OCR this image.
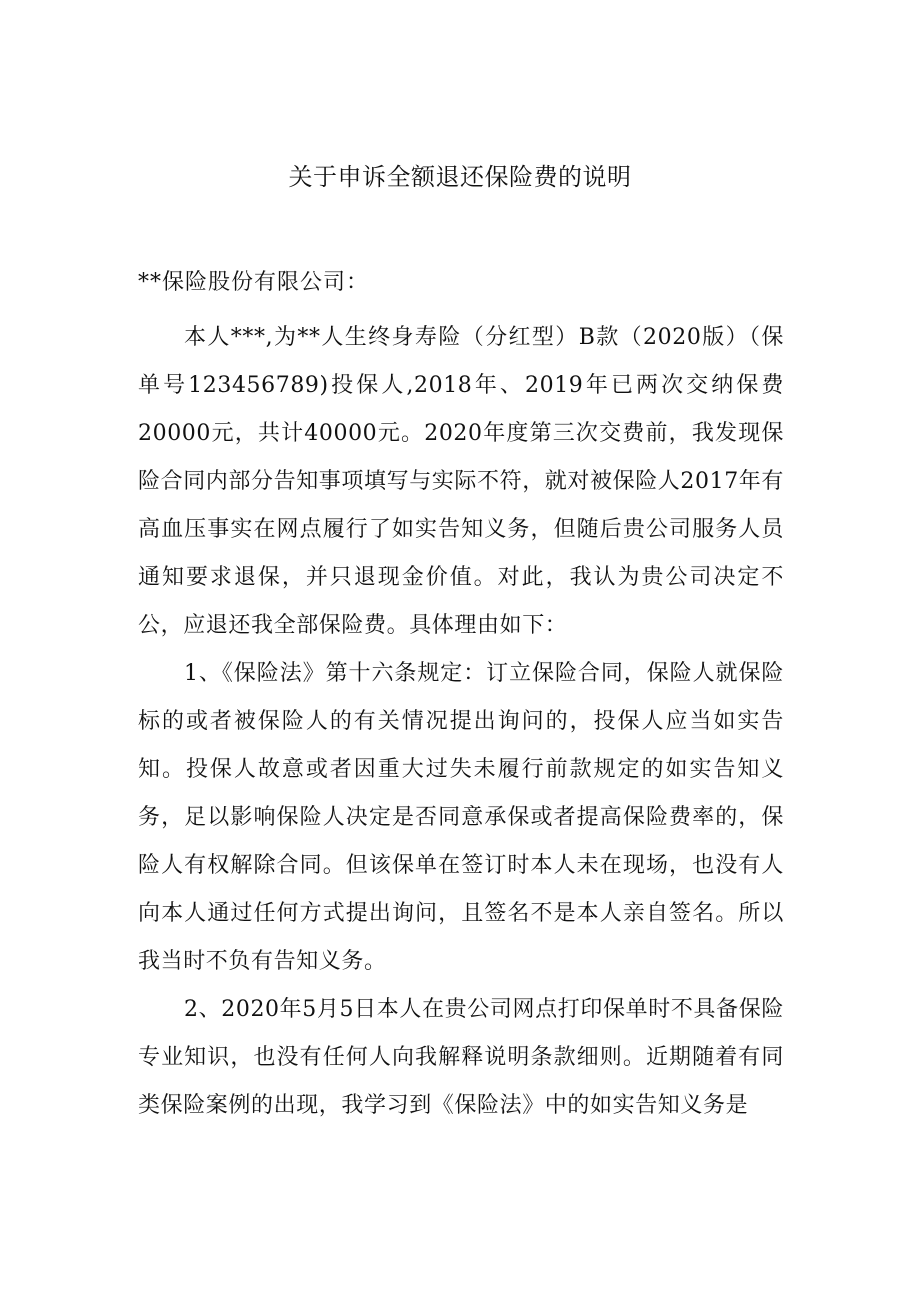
关于申诉全额退还保险费的说明

**保险股份有限公司：

本人***,为**人生终身寿险（分红型）B款（2020版）（保单号123456789)投保人,2018年、2019年已两次交纳保费20000元，共计40000元。2020年度第三次交费前，我发现保险合同内部分告知事项填写与实际不符，就对被保险人2017年有高血压事实在网点履行了如实告知义务，但随后贵公司服务人员通知要求退保，并只退现金价值。对此，我认为贵公司决定不公，应退还我全部保险费。具体理由如下：

1、《保险法》第十六条规定：订立保险合同，保险人就保险标的或者被保险人的有关情况提出询问的，投保人应当如实告知。投保人故意或者因重大过失未履行前款规定的如实告知义务，足以影响保险人决定是否同意承保或者提高保险费率的，保险人有权解除合同。但该保单在签订时本人未在现场，也没有人向本人通过任何方式提出询问，且签名不是本人亲自签名。所以我当时不负有告知义务。

2、2020年5月5日本人在贵公司网点打印保单时不具备保险专业知识，也没有任何人向我解释说明条款细则。近期随着有同类保险案例的出现，我学习到《保险法》中的如实告知义务是
